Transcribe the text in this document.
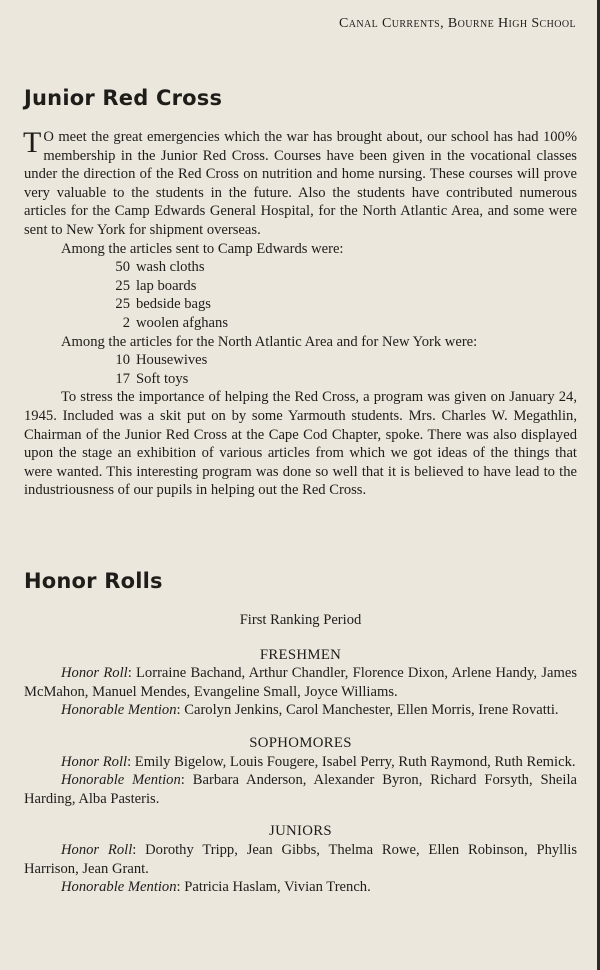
Canal Currents, Bourne High School
Junior Red Cross

T O meet the great emergencies which the war has brought about, our school has had 100% membership in the Junior Red Cross. Courses have been given in the vocational classes under the direction of the Red Cross on nutrition and home nursing. These courses will prove very valuable to the students in the future. Also the students have contributed numerous articles for the Camp Edwards General Hospital, for the North Atlantic Area, and some were sent to New York for shipment overseas.

Among the articles sent to Camp Edwards were:

50 wash cloths
25 lap boards
25 bedside bags
2 woolen afghans

Among the articles for the North Atlantic Area and for New York were:

10 Housewives
17 Soft toys

To stress the importance of helping the Red Cross, a program was given on January 24, 1945. Included was a skit put on by some Yarmouth students. Mrs. Charles W. Megathlin, Chairman of the Junior Red Cross at the Cape Cod Chapter, spoke. There was also displayed upon the stage an exhibition of various articles from which we got ideas of the things that were wanted. This interesting program was done so well that it is believed to have lead to the industriousness of our pupils in helping out the Red Cross.

Honor Rolls
First Ranking Period
FRESHMEN

Honor Roll: Lorraine Bachand, Arthur Chandler, Florence Dixon, Arlene Handy, James McMahon, Manuel Mendes, Evangeline Small, Joyce Williams.

Honorable Mention: Carolyn Jenkins, Carol Manchester, Ellen Morris, Irene Rovatti.

SOPHOMORES

Honor Roll: Emily Bigelow, Louis Fougere, Isabel Perry, Ruth Raymond, Ruth Remick.

Honorable Mention: Barbara Anderson, Alexander Byron, Richard Forsyth, Sheila Harding, Alba Pasteris.

JUNIORS

Honor Roll: Dorothy Tripp, Jean Gibbs, Thelma Rowe, Ellen Robinson, Phyllis Harrison, Jean Grant.

Honorable Mention: Patricia Haslam, Vivian Trench.
